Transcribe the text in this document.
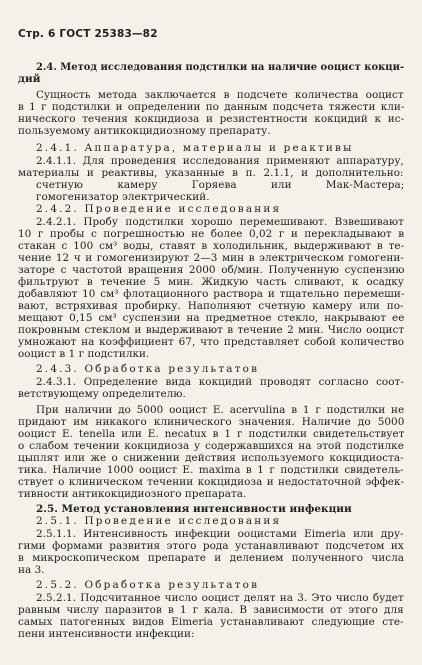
Стр. 6 ГОСТ 25383—82
2.4. Метод исследования подстилки на наличие ооцист кокци-
дий
Сущность метода заключается в подсчете количества ооцист
в 1 г подстилки и определении по данным подсчета тяжести кли-
нического течения кокцидиоза и резистентности кокцидий к ис-
пользуемому антикокцидиозному препарату.
2.4.1. Аппаратура, материалы и реактивы
2.4.1.1. Для проведения исследования применяют аппаратуру,
материалы и реактивы, указанные в п. 2.1.1, и дополнительно:
счетную камеру Горяева или Мак-Мастера;
гомогенизатор электрический.
2.4.2. Проведение исследования
2.4.2.1. Пробу подстилки хорошо перемешивают. Взвешивают
10 г пробы с погрешностью не более 0,02 г и перекладывают в
стакан с 100 см³ воды, ставят в холодильник, выдерживают в те-
чение 12 ч и гомогенизируют 2—3 мин в электрическом гомогени-
заторе с частотой вращения 2000 об/мин. Полученную суспензию
фильтруют в течение 5 мин. Жидкую часть сливают, к осадку
добавляют 10 см³ флотационного раствора и тщательно перемеши-
вают, встряхивая пробирку. Наполняют счетную камеру или по-
мещают 0,15 см³ суспензии на предметное стекло, накрывают ее
покровным стеклом и выдерживают в течение 2 мин. Число ооцист
умножают на коэффициент 67, что представляет собой количество
ооцист в 1 г подстилки.
2.4.3. Обработка результатов
2.4.3.1. Определение вида кокцидий проводят согласно соот-
ветствующему определителю.
При наличии до 5000 ооцист Е. acervulina в 1 г подстилки не
придают им никакого клинического значения. Наличие до 5000
ооцист Е. tenella или Е. necatux в 1 г подстилки свидетельствует
о слабом течении кокцидиоза у содержавшихся на этой подстилке
цыплят или же о снижении действия используемого кокцидиоста-
тика. Наличие 1000 ооцист Е. maxima в 1 г подстилки свидетель-
ствует о клиническом течении кокцидиоза и недостаточной эффек-
тивности антикокцидиозного препарата.
2.5. Метод установления интенсивности инфекции
2.5.1. Проведение исследования
2.5.1.1. Интенсивность инфекции ооцистами Eimeria или дру-
гими формами развития этого рода устанавливают подсчетом их
в микроскопическом препарате и делением полученного числа
на 3.
2.5.2. Обработка результатов
2.5.2.1. Подсчитанное число ооцист делят на 3. Это число будет
равным числу паразитов в 1 г кала. В зависимости от этого для
самых патогенных видов Eimeria устанавливают следующие сте-
пени интенсивности инфекции:
